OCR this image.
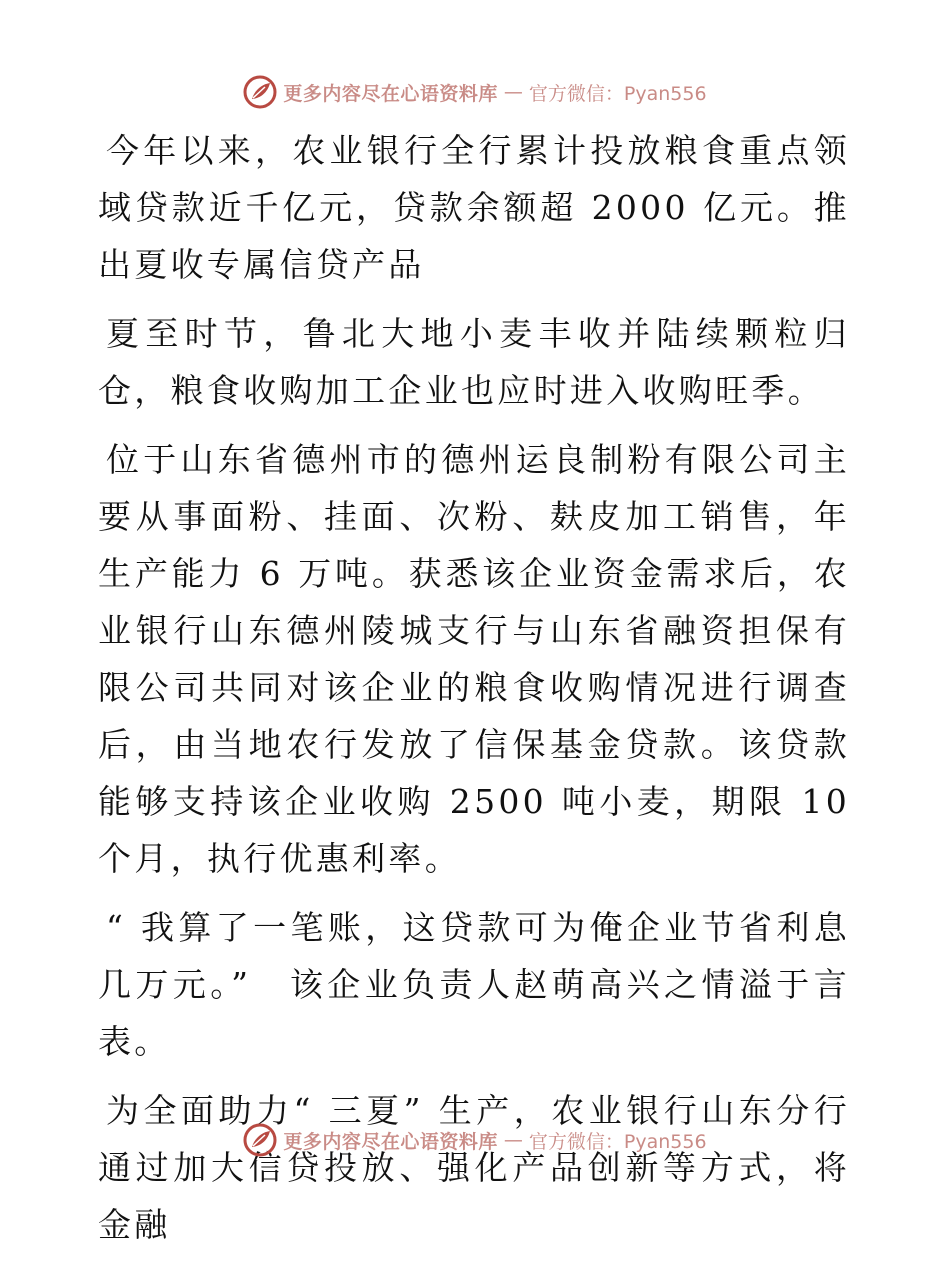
更多内容尽在心语资料库 — 官方微信：Pyan556

今年以来，农业银行全行累计投放粮食重点领域贷款近千亿元，贷款余额超 2000 亿元。推出夏收专属信贷产品

夏至时节，鲁北大地小麦丰收并陆续颗粒归仓，粮食收购加工企业也应时进入收购旺季。

位于山东省德州市的德州运良制粉有限公司主要从事面粉、挂面、次粉、麸皮加工销售，年生产能力 6 万吨。获悉该企业资金需求后，农业银行山东德州陵城支行与山东省融资担保有限公司共同对该企业的粮食收购情况进行调查后，由当地农行发放了信保基金贷款。该贷款能够支持该企业收购 2500 吨小麦，期限 10 个月，执行优惠利率。

“ 我算了一笔账，这贷款可为俺企业节省利息几万元。”　该企业负责人赵萌高兴之情溢于言表。

为全面助力“ 三夏” 生产，农业银行山东分行通过加大信贷投放、强化产品创新等方式，将金融

更多内容尽在心语资料库 — 官方微信：Pyan556
